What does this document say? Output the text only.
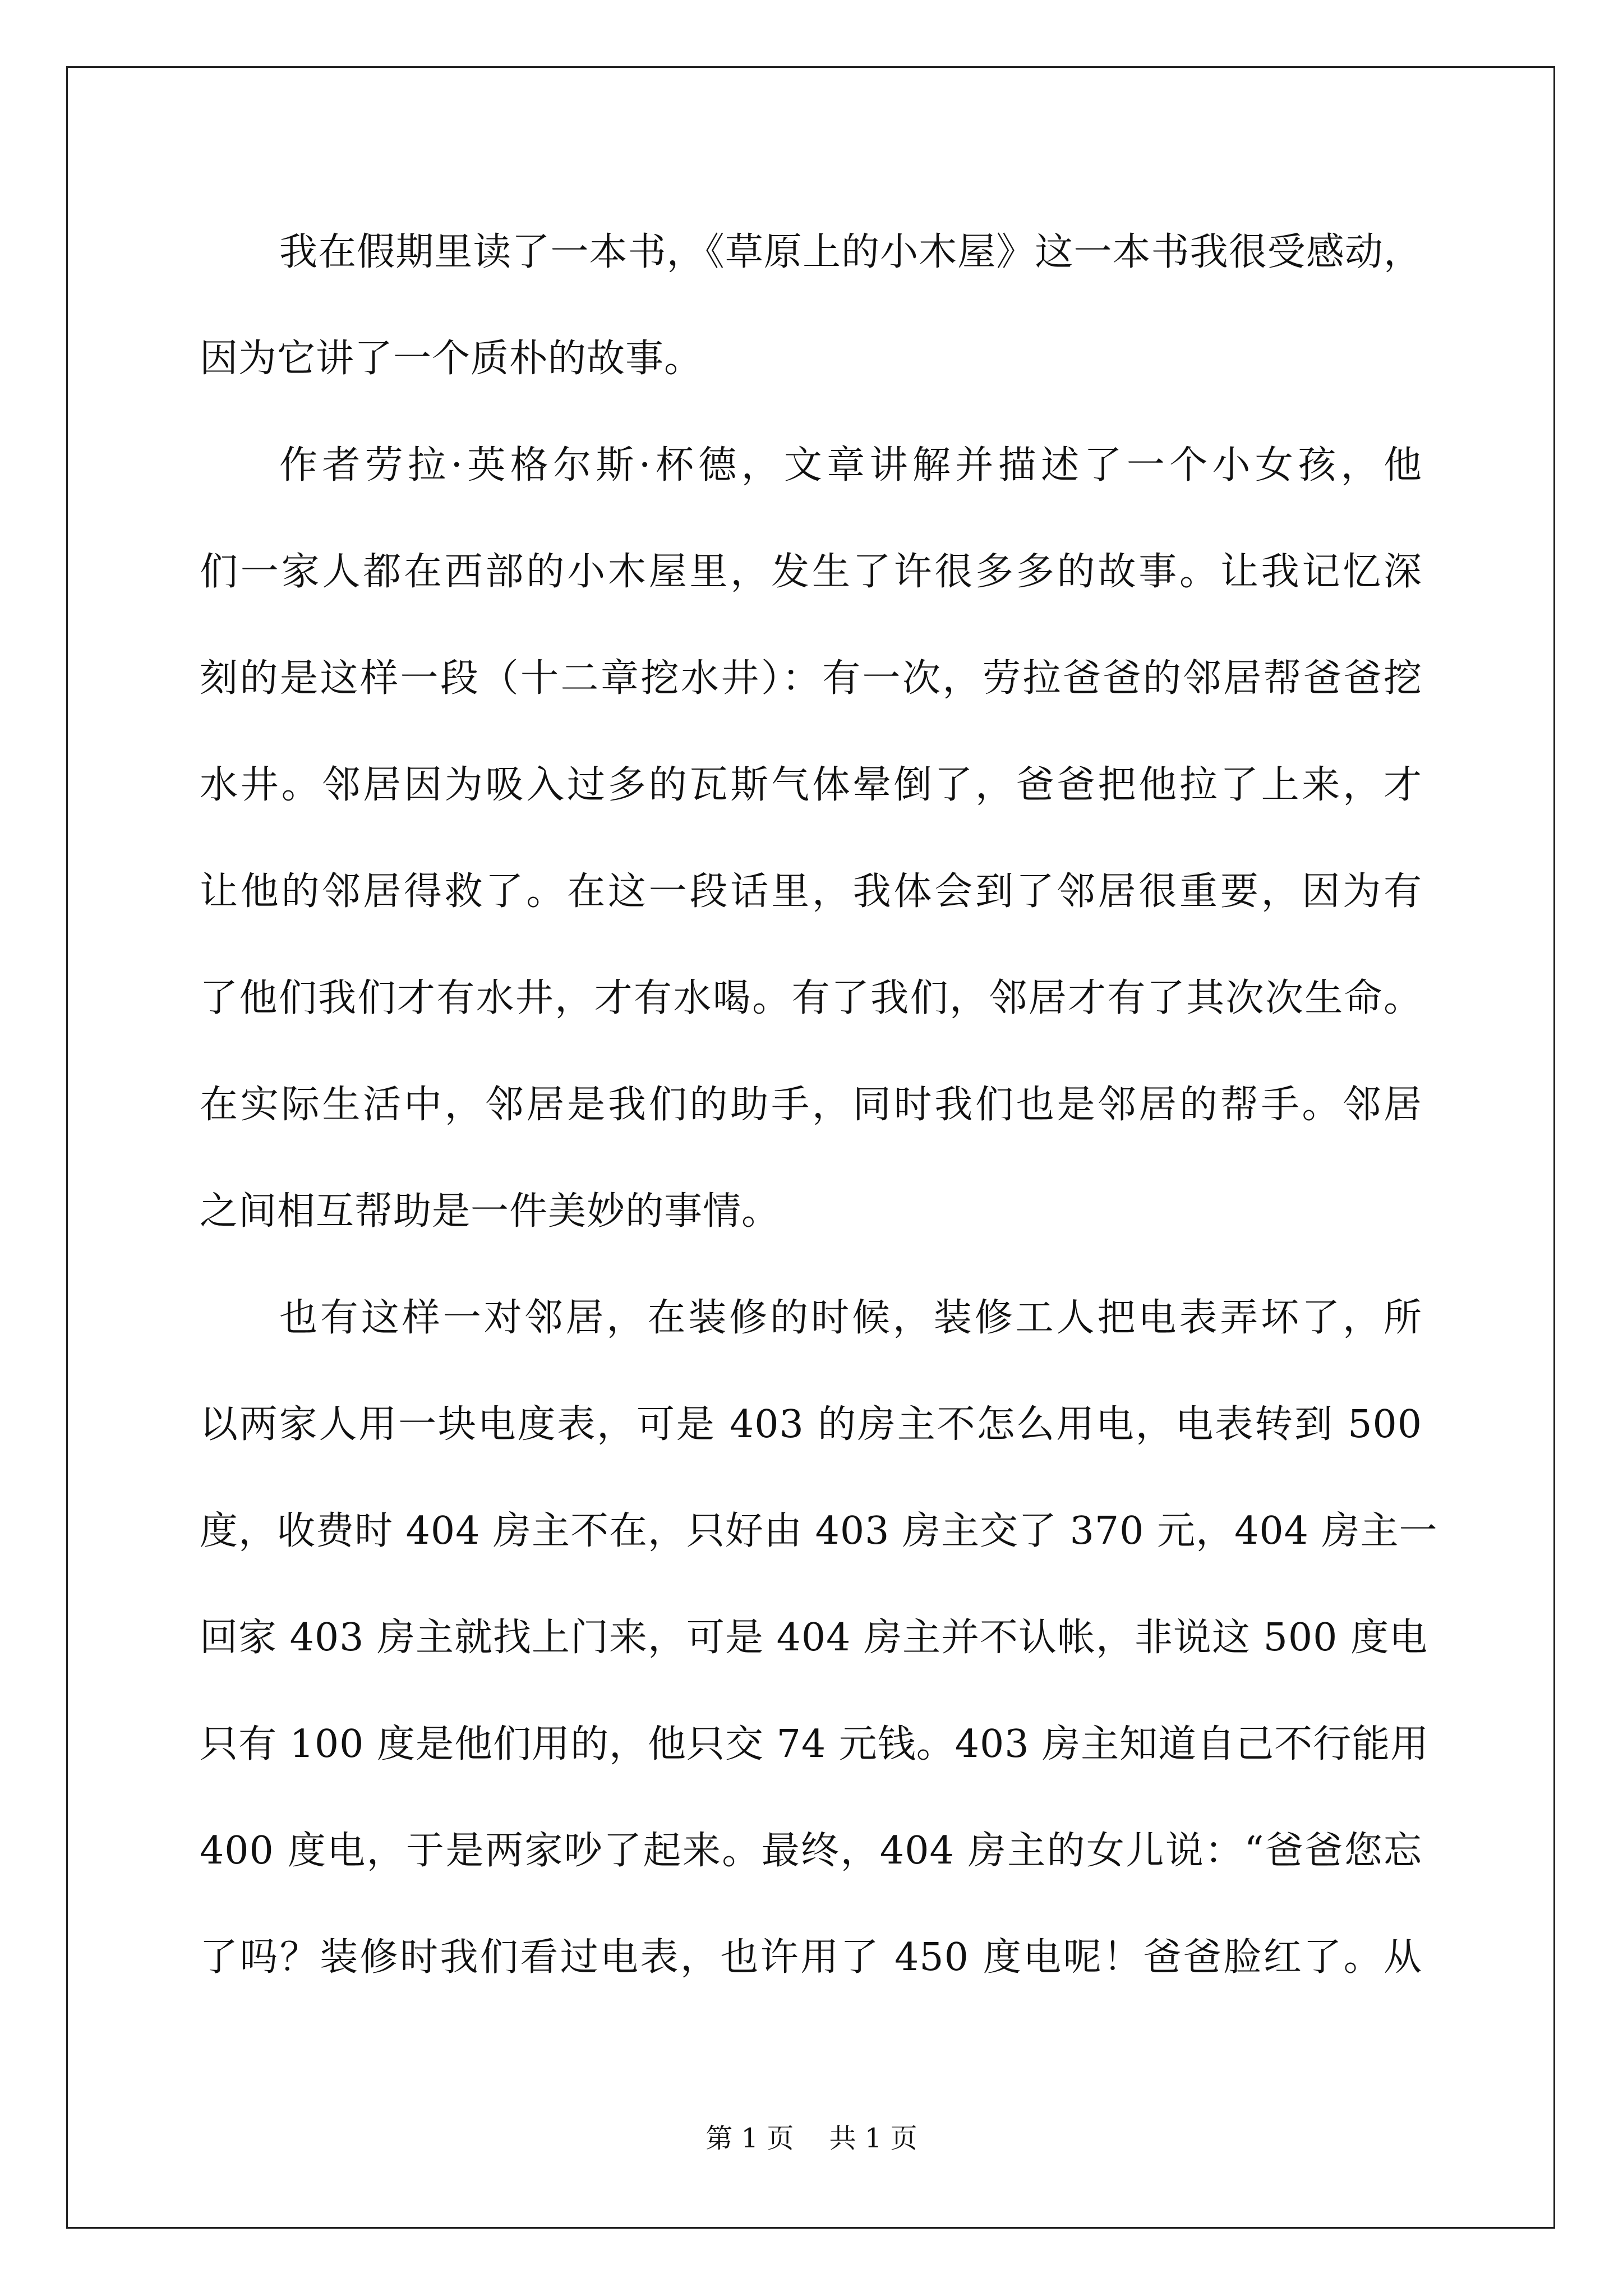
我在假期里读了一本书，《草原上的小木屋》这一本书我很受感动，
因为它讲了一个质朴的故事。
作者劳拉·英格尔斯·杯德，文章讲解并描述了一个小女孩，他
们一家人都在西部的小木屋里，发生了许很多多的故事。让我记忆深
刻的是这样一段（十二章挖水井）：有一次，劳拉爸爸的邻居帮爸爸挖
水井。邻居因为吸入过多的瓦斯气体晕倒了，爸爸把他拉了上来，才
让他的邻居得救了。在这一段话里，我体会到了邻居很重要，因为有
了他们我们才有水井，才有水喝。有了我们，邻居才有了其次次生命。
在实际生活中，邻居是我们的助手，同时我们也是邻居的帮手。邻居
之间相互帮助是一件美妙的事情。
也有这样一对邻居，在装修的时候，装修工人把电表弄坏了，所
以两家人用一块电度表，可是 403 的房主不怎么用电，电表转到 500
度，收费时 404 房主不在，只好由 403 房主交了 370 元，404 房主一
回家 403 房主就找上门来，可是 404 房主并不认帐，非说这 500 度电
只有 100 度是他们用的，他只交 74 元钱。403 房主知道自己不行能用
400 度电，于是两家吵了起来。最终，404 房主的女儿说：“爸爸您忘
了吗？装修时我们看过电表，也许用了 450 度电呢！爸爸脸红了。从
第 1 页 共 1 页
